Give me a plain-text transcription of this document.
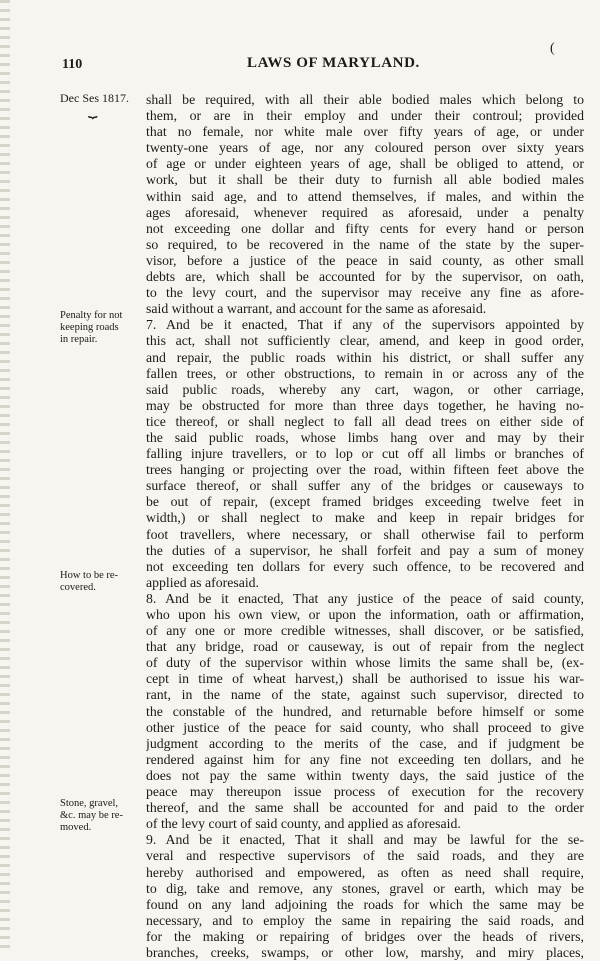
110	LAWS OF MARYLAND.
(
Dec Ses 1817.
⏟
Penalty for not
keeping roads
in repair.
How to be re-
covered.
Stone, gravel,
&c. may be re-
moved.
shall be required, with all their able bodied males which belong to
them, or are in their employ and under their controul; provided
that no female, nor white male over fifty years of age, or under
twenty-one years of age, nor any coloured person over sixty years
of age or under eighteen years of age, shall be obliged to attend, or
work, but it shall be their duty to furnish all able bodied males
within said age, and to attend themselves, if males, and within the
ages aforesaid, whenever required as aforesaid, under a penalty
not exceeding one dollar and fifty cents for every hand or person
so required, to be recovered in the name of the state by the super-
visor, before a justice of the peace in said county, as other small
debts are, which shall be accounted for by the supervisor, on oath,
to the levy court, and the supervisor may receive any fine as afore-
said without a warrant, and account for the same as aforesaid.
7. And be it enacted, That if any of the supervisors appointed by
this act, shall not sufficiently clear, amend, and keep in good order,
and repair, the public roads within his district, or shall suffer any
fallen trees, or other obstructions, to remain in or across any of the
said public roads, whereby any cart, wagon, or other carriage,
may be obstructed for more than three days together, he having no-
tice thereof, or shall neglect to fall all dead trees on either side of
the said public roads, whose limbs hang over and may by their
falling injure travellers, or to lop or cut off all limbs or branches of
trees hanging or projecting over the road, within fifteen feet above the
surface thereof, or shall suffer any of the bridges or causeways to
be out of repair, (except framed bridges exceeding twelve feet in
width,) or shall neglect to make and keep in repair bridges for
foot travellers, where necessary, or shall otherwise fail to perform
the duties of a supervisor, he shall forfeit and pay a sum of money
not exceeding ten dollars for every such offence, to be recovered and
applied as aforesaid.
8. And be it enacted, That any justice of the peace of said county,
who upon his own view, or upon the information, oath or affirmation,
of any one or more credible witnesses, shall discover, or be satisfied,
that any bridge, road or causeway, is out of repair from the neglect
of duty of the supervisor within whose limits the same shall be, (ex-
cept in time of wheat harvest,) shall be authorised to issue his war-
rant, in the name of the state, against such supervisor, directed to
the constable of the hundred, and returnable before himself or some
other justice of the peace for said county, who shall proceed to give
judgment according to the merits of the case, and if judgment be
rendered against him for any fine not exceeding ten dollars, and he
does not pay the same within twenty days, the said justice of the
peace may thereupon issue process of execution for the recovery
thereof, and the same shall be accounted for and paid to the order
of the levy court of said county, and applied as aforesaid.
9. And be it enacted, That it shall and may be lawful for the se-
veral and respective supervisors of the said roads, and they are
hereby authorised and empowered, as often as need shall require,
to dig, take and remove, any stones, gravel or earth, which may be
found on any land adjoining the roads for which the same may be
necessary, and to employ the same in repairing the said roads, and
for the making or repairing of bridges over the heads of rivers,
branches, creeks, swamps, or other low, marshy, and miry places,
